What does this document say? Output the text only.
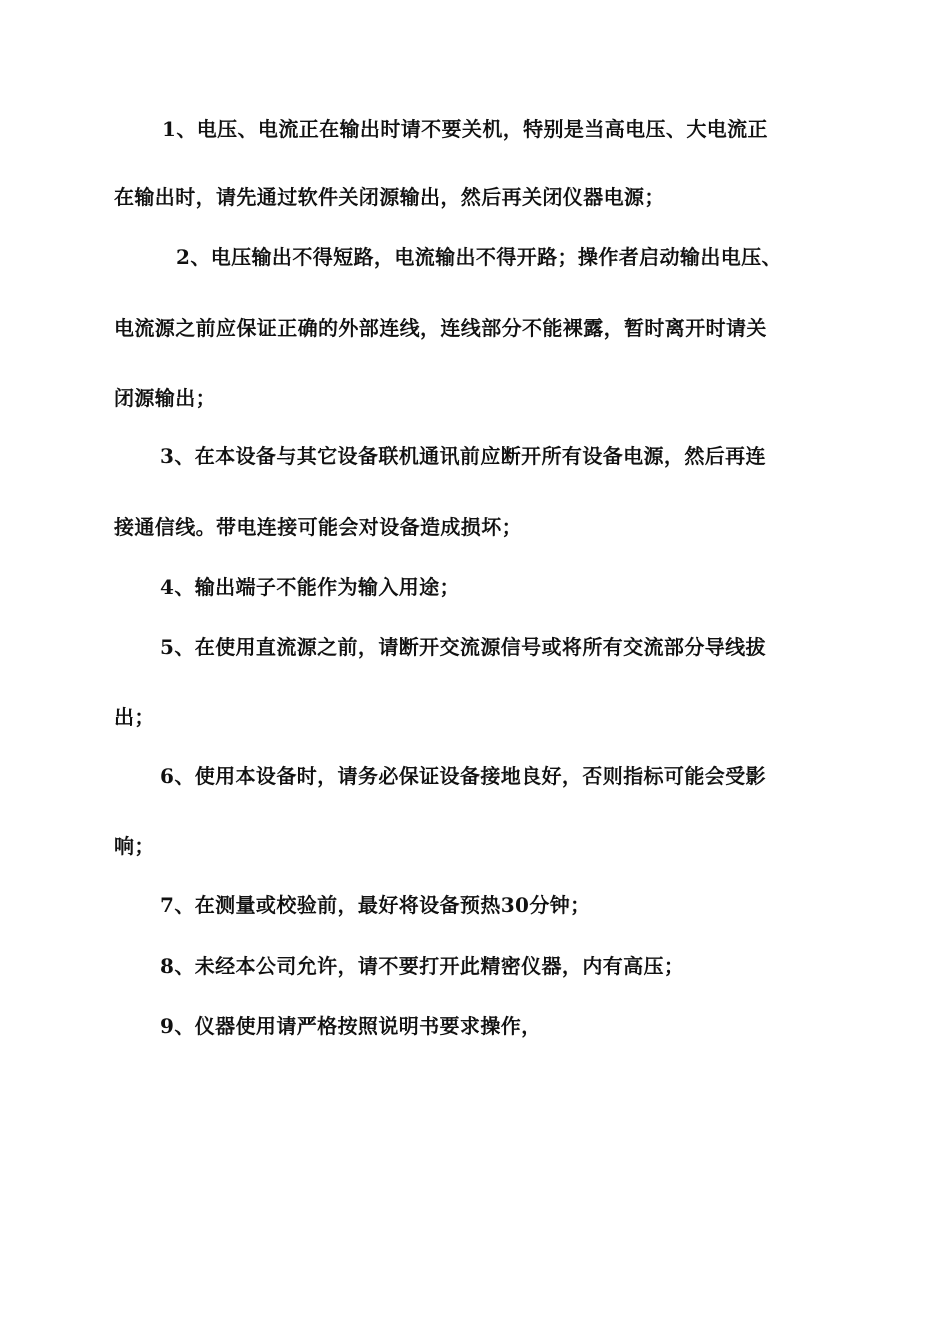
1、电压、电流正在输出时请不要关机，特别是当高电压、大电流正
在输出时，请先通过软件关闭源输出，然后再关闭仪器电源；
2、电压输出不得短路，电流输出不得开路；操作者启动输出电压、
电流源之前应保证正确的外部连线，连线部分不能裸露，暂时离开时请关
闭源输出；
3、在本设备与其它设备联机通讯前应断开所有设备电源，然后再连
接通信线。带电连接可能会对设备造成损坏；
4、输出端子不能作为输入用途；
5、在使用直流源之前，请断开交流源信号或将所有交流部分导线拔
出；
6、使用本设备时，请务必保证设备接地良好，否则指标可能会受影
响；
7、在测量或校验前，最好将设备预热30分钟；
8、未经本公司允许，请不要打开此精密仪器，内有高压；
9、仪器使用请严格按照说明书要求操作，
